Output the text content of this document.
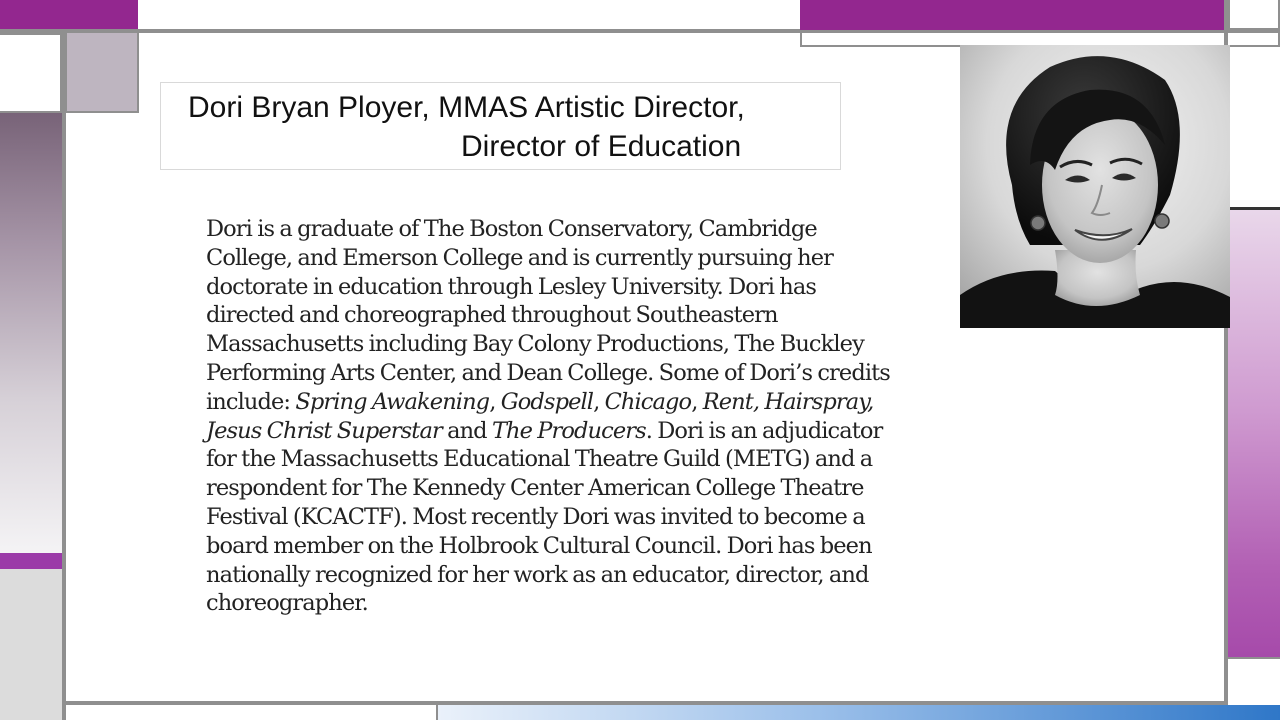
Dori Bryan Ployer, MMAS Artistic Director,
Director of Education
Dori is a graduate of The Boston Conservatory, Cambridge
College, and Emerson College and is currently pursuing her
doctorate in education through Lesley University. Dori has
directed and choreographed throughout Southeastern
Massachusetts including Bay Colony Productions, The Buckley
Performing Arts Center, and Dean College. Some of Dori’s credits
include: Spring Awakening, Godspell, Chicago, Rent, Hairspray,
Jesus Christ Superstar and The Producers. Dori is an adjudicator
for the Massachusetts Educational Theatre Guild (METG) and a
respondent for The Kennedy Center American College Theatre
Festival (KCACTF). Most recently Dori was invited to become a
board member on the Holbrook Cultural Council. Dori has been
nationally recognized for her work as an educator, director, and
choreographer.
